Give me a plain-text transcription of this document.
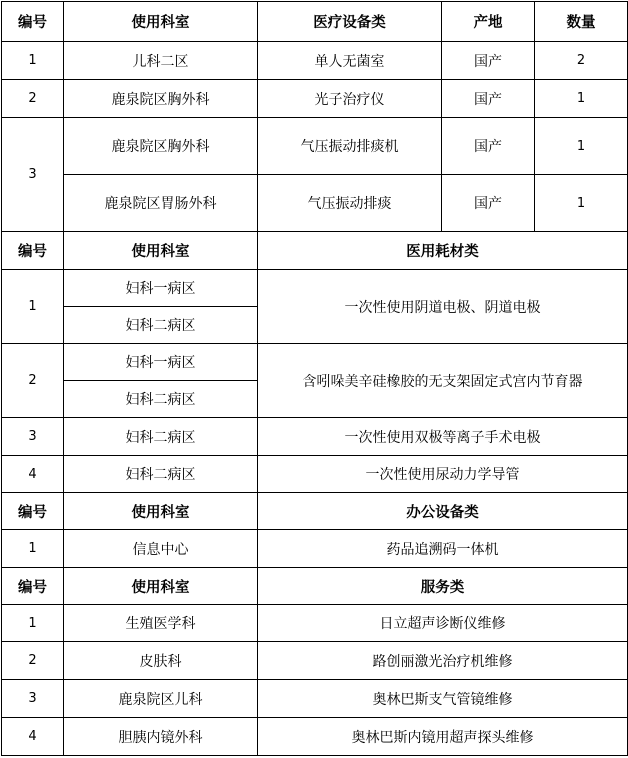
编号	使用科室	医疗设备类	产地	数量
1	儿科二区	单人无菌室	国产	2
2	鹿泉院区胸外科	光子治疗仪	国产	1
3	鹿泉院区胸外科	气压振动排痰机	国产	1
	鹿泉院区胃肠外科	气压振动排痰	国产	1
编号	使用科室	医用耗材类		
1	妇科一病区	一次性使用阴道电极、阴道电极		
	妇科二病区			
2	妇科一病区	含吲哚美辛硅橡胶的无支架固定式宫内节育器		
	妇科二病区			
3	妇科二病区	一次性使用双极等离子手术电极		
4	妇科二病区	一次性使用尿动力学导管		
编号	使用科室	办公设备类		
1	信息中心	药品追溯码一体机		
编号	使用科室	服务类		
1	生殖医学科	日立超声诊断仪维修		
2	皮肤科	路创丽激光治疗机维修		
3	鹿泉院区儿科	奥林巴斯支气管镜维修		
4	胆胰内镜外科	奥林巴斯内镜用超声探头维修		
